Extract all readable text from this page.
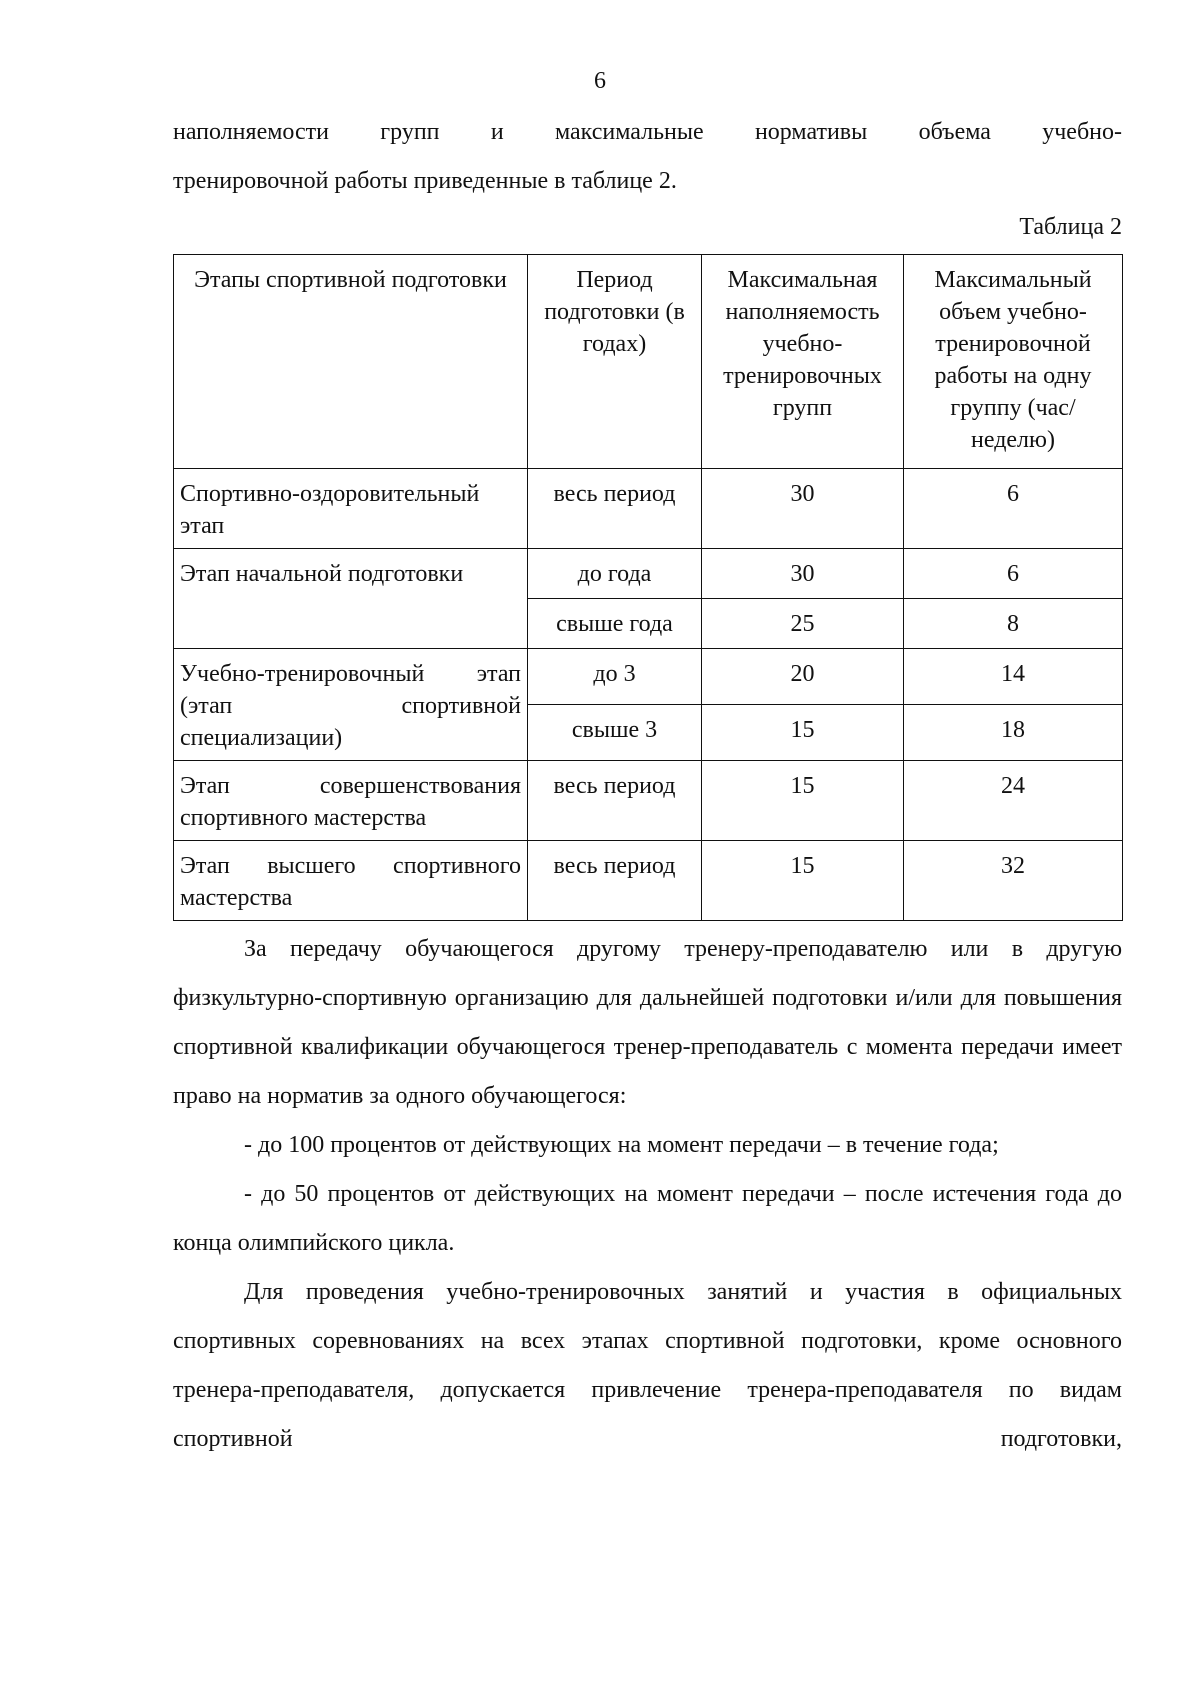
6

наполняемости групп и максимальные нормативы объема учебно-

тренировочной работы приведенные в таблице 2.

Таблица 2
Этапы спортивной подготовки	Период подготовки (в годах)	Максимальная наполняемость учебно-тренировочных групп	Максимальный объем учебно-тренировочной работы на одну группу (час/неделю)
Спортивно-оздоровительный этап	весь период	30	6
Этап начальной подготовки	до года	30	6
	свыше года	25	8
Учебно-тренировочный этап (этап спортивной специализации)	до 3	20	14
	свыше 3	15	18
Этап совершенствования спортивного мастерства	весь период	15	24
Этап высшего спортивного мастерства	весь период	15	32

За передачу обучающегося другому тренеру-преподавателю или в другую физкультурно-спортивную организацию для дальнейшей подготовки и/или для повышения спортивной квалификации обучающегося тренер-преподаватель с момента передачи имеет право на норматив за одного обучающегося:

- до 100 процентов от действующих на момент передачи – в течение года;

- до 50 процентов от действующих на момент передачи – после истечения года до конца олимпийского цикла.

Для проведения учебно-тренировочных занятий и участия в официальных спортивных соревнованиях на всех этапах спортивной подготовки, кроме основного тренера-преподавателя, допускается привлечение тренера-преподавателя по видам спортивной подготовки,
